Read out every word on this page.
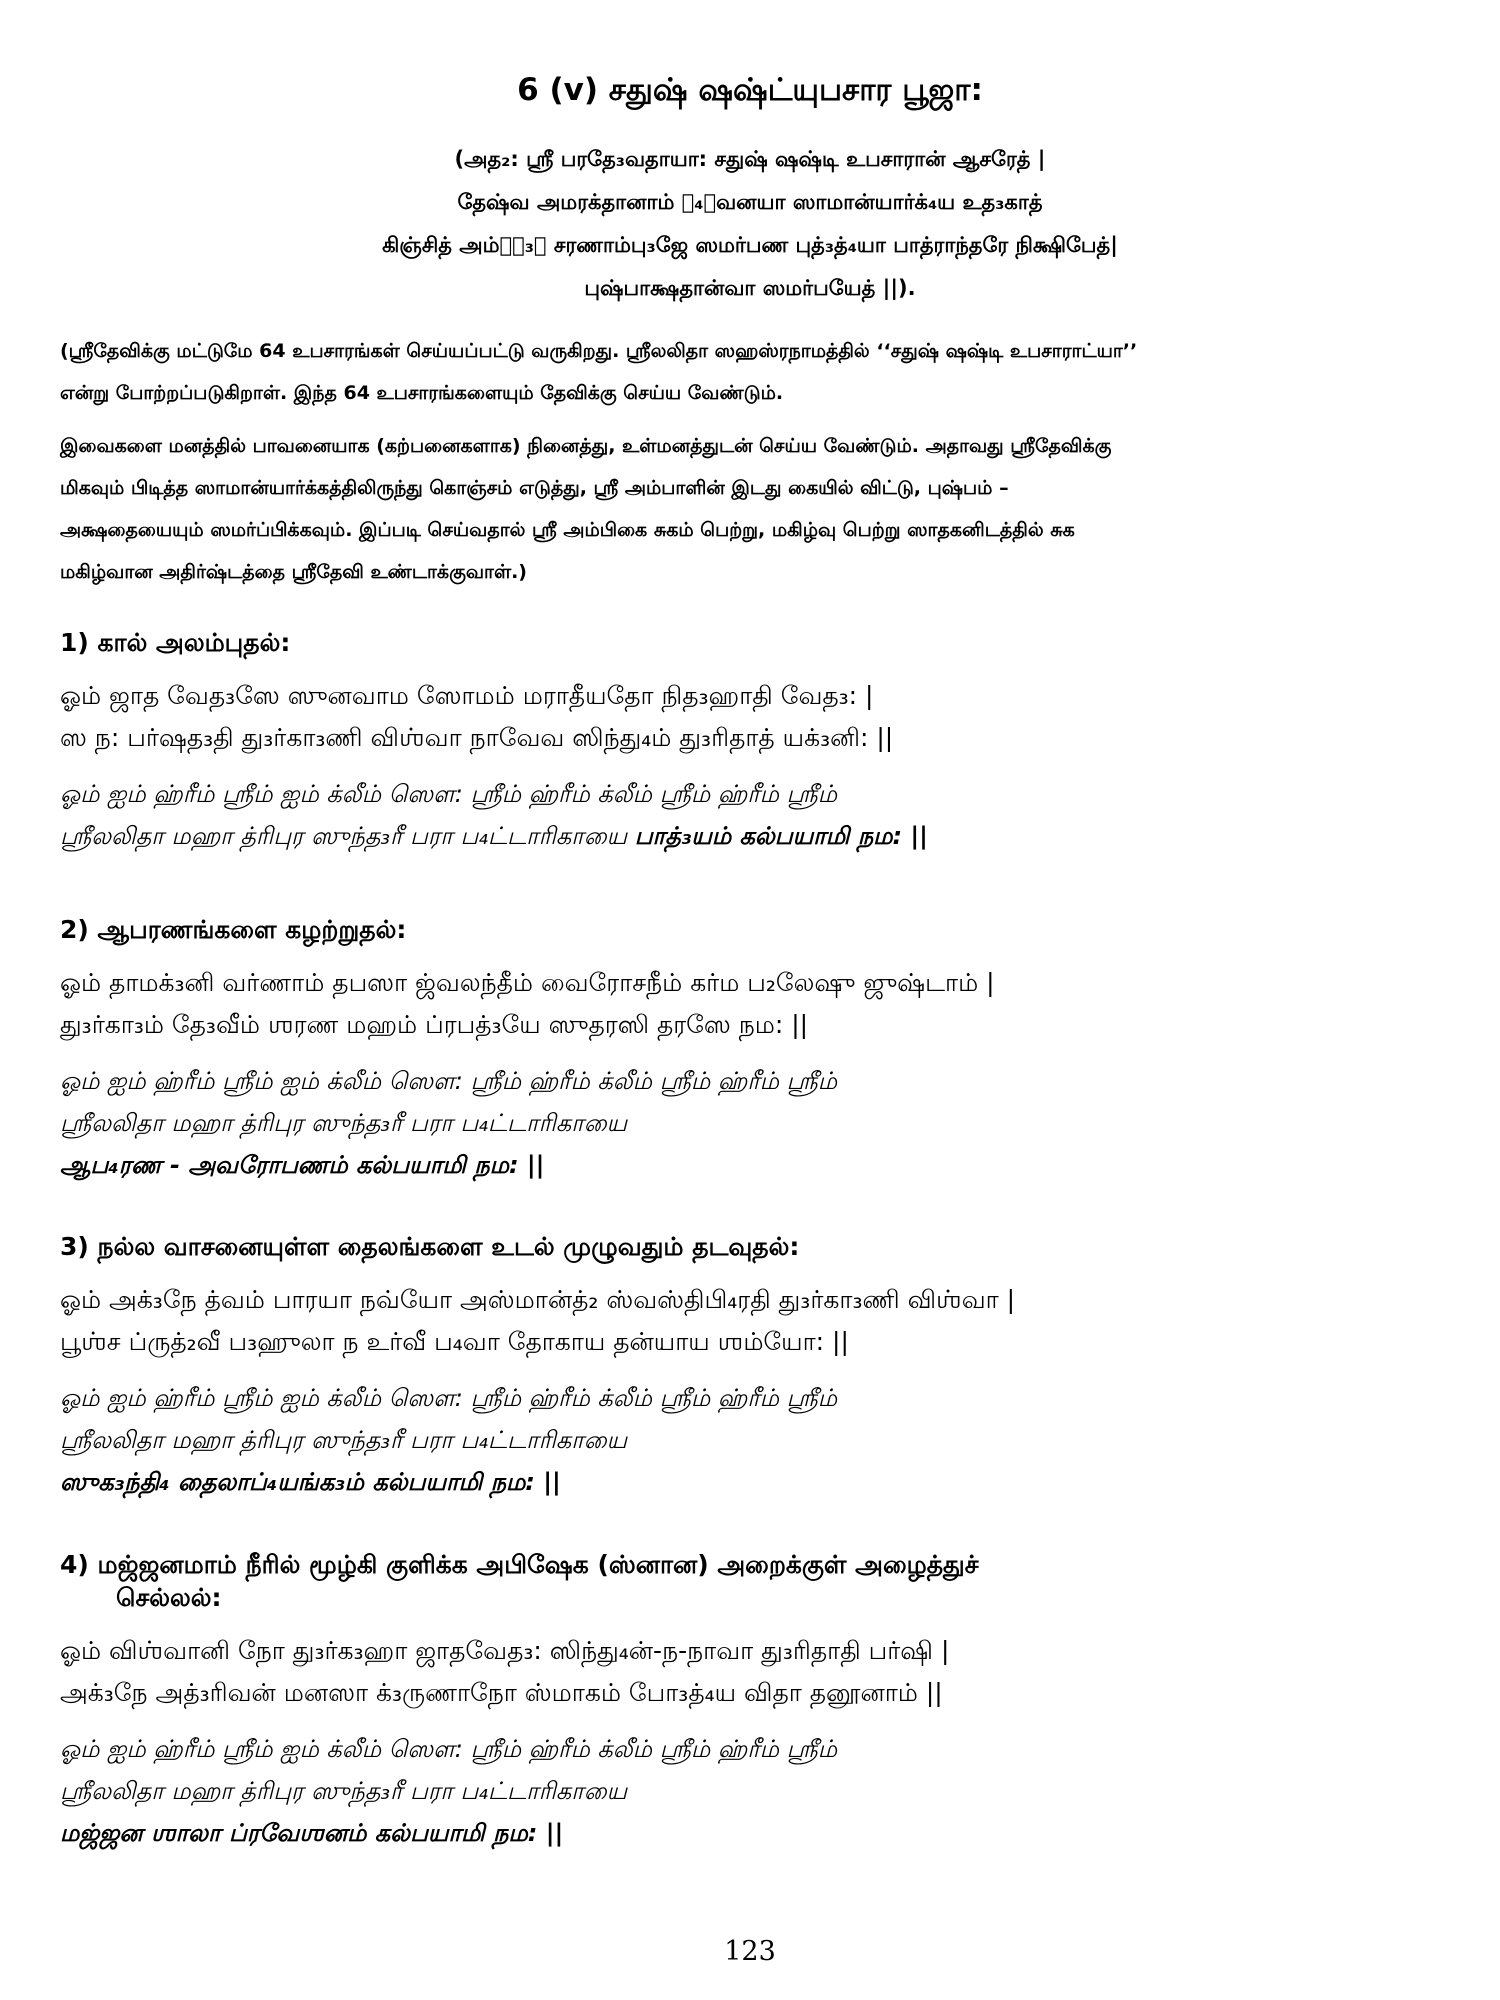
6 (v) சதுஷ் ஷஷ்ட்யுபசார பூஜா:
(அத₂: ஸ்ரீ பரதே₃வதாயா: சதுஷ் ஷஷ்டி உபசாரான் ஆசரேத் |
தேஷ்வ அமரக்தானாம் ப₄ாவனயா ஸாமான்யார்க்₄ய உத₃காத்
கிஞ்சித் அம்பா₃ா சரணாம்பு₃ஜே ஸமர்பண புத்₃த்₄யா பாத்ராந்தரே நிக்ஷிபேத்|
புஷ்பாக்ஷதான்வா ஸமர்பயேத் ||).
(ஸ்ரீதேவிக்கு மட்டுமே 64 உபசாரங்கள் செய்யப்பட்டு வருகிறது. ஸ்ரீலலிதா ஸஹஸ்ரநாமத்தில் ‘‘சதுஷ் ஷஷ்டி உபசாராட்யா’’
என்று போற்றப்படுகிறாள். இந்த 64 உபசாரங்களையும் தேவிக்கு செய்ய வேண்டும்.
இவைகளை மனத்தில் பாவனையாக (கற்பனைகளாக) நினைத்து, உள்மனத்துடன் செய்ய வேண்டும். அதாவது ஸ்ரீதேவிக்கு
மிகவும் பிடித்த ஸாமான்யார்க்கத்திலிருந்து கொஞ்சம் எடுத்து, ஸ்ரீ அம்பாளின் இடது கையில் விட்டு, புஷ்பம் –
அக்ஷதையையும் ஸமர்ப்பிக்கவும். இப்படி செய்வதால் ஸ்ரீ அம்பிகை சுகம் பெற்று, மகிழ்வு பெற்று ஸாதகனிடத்தில் சுக
மகிழ்வான அதிர்ஷ்டத்தை ஸ்ரீதேவி உண்டாக்குவாள்.)
1) கால் அலம்புதல்:
ஓம் ஜாத வேத₃ஸே ஸுனவாம ஸோமம் மராதீயதோ நித₃ஹாதி வேத₃: |
ஸ ந: பர்ஷத₃தி து₃ர்கா₃ணி விஶ்வா நாவேவ ஸிந்து₄ம் து₃ரிதாத் யக்₃னி: ||
ஓம் ஐம் ஹ்ரீம் ஸ்ரீம் ஐம் க்லீம் ஸௌ: ஸ்ரீம் ஹ்ரீம் க்லீம் ஸ்ரீம் ஹ்ரீம் ஸ்ரீம்
ஸ்ரீலலிதா மஹா த்ரிபுர ஸுந்த₃ரீ பரா ப₄ட்டாரிகாயை பாத்₃யம் கல்பயாமி நம: ||
2) ஆபரணங்களை கழற்றுதல்:
ஓம் தாமக்₃னி வர்ணாம் தபஸா ஜ்வலந்தீம் வைரோசநீம் கர்ம ப₂லேஷு ஜுஷ்டாம் |
து₃ர்கா₃ம் தே₃வீம் ஶரண மஹம் ப்ரபத்₃யே ஸுதரஸி தரஸே நம: ||
ஓம் ஐம் ஹ்ரீம் ஸ்ரீம் ஐம் க்லீம் ஸௌ: ஸ்ரீம் ஹ்ரீம் க்லீம் ஸ்ரீம் ஹ்ரீம் ஸ்ரீம்
ஸ்ரீலலிதா மஹா த்ரிபுர ஸுந்த₃ரீ பரா ப₄ட்டாரிகாயை
ஆப₄ரண - அவரோபணம் கல்பயாமி நம: ||
3) நல்ல வாசனையுள்ள தைலங்களை உடல் முழுவதும் தடவுதல்:
ஓம் அக்₃நே த்வம் பாரயா நவ்யோ அஸ்மான்த்₂ ஸ்வஸ்திபி₄ரதி து₃ர்கா₃ணி விஶ்வா |
பூஶ்ச ப்ருத்₂வீ ப₃ஹுலா ந உர்வீ ப₄வா தோகாய தன்யாய ஶம்யோ: ||
ஓம் ஐம் ஹ்ரீம் ஸ்ரீம் ஐம் க்லீம் ஸௌ: ஸ்ரீம் ஹ்ரீம் க்லீம் ஸ்ரீம் ஹ்ரீம் ஸ்ரீம்
ஸ்ரீலலிதா மஹா த்ரிபுர ஸுந்த₃ரீ பரா ப₄ட்டாரிகாயை
ஸுக₃ந்தி₄ தைலாப்₄யங்க₃ம் கல்பயாமி நம: ||
4) மஜ்ஜனமாம் நீரில் மூழ்கி குளிக்க அபிஷேக (ஸ்னான) அறைக்குள் அழைத்துச்
செல்லல்:
ஓம் விஶ்வானி நோ து₃ர்க₃ஹா ஜாதவேத₃: ஸிந்து₄ன்-ந-நாவா து₃ரிதாதி பர்ஷி |
அக்₃நே அத்₃ரிவன் மனஸா க்₃ருணாநோ ஸ்மாகம் போ₃த்₄ய விதா தனூனாம் ||
ஓம் ஐம் ஹ்ரீம் ஸ்ரீம் ஐம் க்லீம் ஸௌ: ஸ்ரீம் ஹ்ரீம் க்லீம் ஸ்ரீம் ஹ்ரீம் ஸ்ரீம்
ஸ்ரீலலிதா மஹா த்ரிபுர ஸுந்த₃ரீ பரா ப₄ட்டாரிகாயை
மஜ்ஜன ஶாலா ப்ரவேஶனம் கல்பயாமி நம: ||
123
